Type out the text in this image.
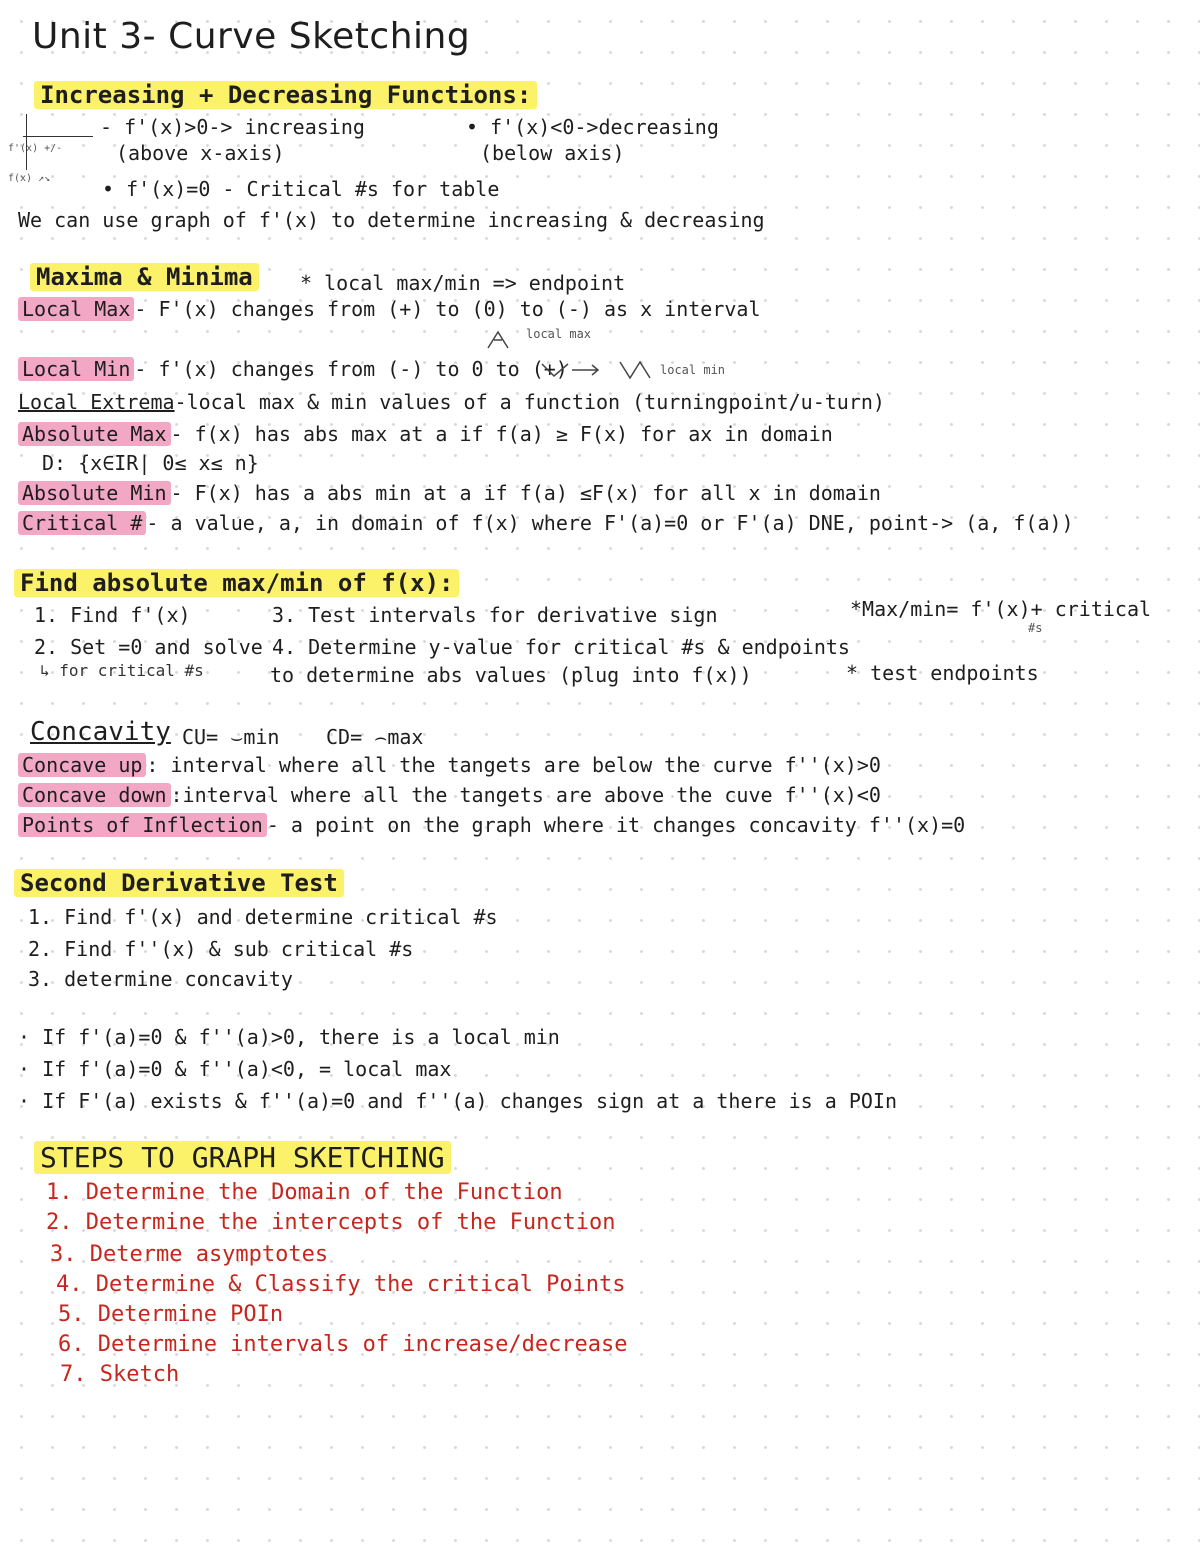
Unit 3- Curve Sketching
Increasing + Decreasing Functions:
f'(x) +/-
f(x) ↗↘
- f'(x)>0-> increasing
(above x-axis)
• f'(x)<0->decreasing
(below axis)
• f'(x)=0 - Critical #s for table
We can use graph of f'(x) to determine increasing & decreasing
Maxima & Minima	* local max/min => endpoint
Local Max - F'(x) changes from (+) to (0) to (-) as x interval
local max
Local Min - f'(x) changes from (-) to 0 to (+)	local min
Local Extrema-local max & min values of a function (turningpoint/u-turn)
Absolute Max - f(x) has abs max at a if f(a) ≥ F(x) for ax in domain
D: {x∈IR| 0≤ x≤ n}
Absolute Min - F(x) has a abs min at a if f(a) ≤F(x) for all x in domain
Critical # - a value, a, in domain of f(x) where F'(a)=0 or F'(a) DNE, point-> (a, f(a))
Find absolute max/min of f(x):
1. Find f'(x)
2. Set =0 and solve
↳ for critical #s
3. Test intervals for derivative sign
4. Determine y-value for critical #s & endpoints
to determine abs values (plug into f(x))
*Max/min= f'(x)+ critical
#s
* test endpoints
Concavity CU= ⌣min CD= ⌢max
Concave up : interval where all the tangets are below the curve f''(x)>0
Concave down :interval where all the tangets are above the cuve f''(x)<0
Points of Inflection - a point on the graph where it changes concavity f''(x)=0
Second Derivative Test
1. Find f'(x) and determine critical #s
2. Find f''(x) & sub critical #s
3. determine concavity
· If f'(a)=0 & f''(a)>0, there is a local min
· If f'(a)=0 & f''(a)<0, = local max
· If F'(a) exists & f''(a)=0 and f''(a) changes sign at a there is a POIn
STEPS TO GRAPH SKETCHING
1. Determine the Domain of the Function
2. Determine the intercepts of the Function
3. Determe asymptotes
4. Determine & Classify the critical Points
5. Determine POIn
6. Determine intervals of increase/decrease
7. Sketch
